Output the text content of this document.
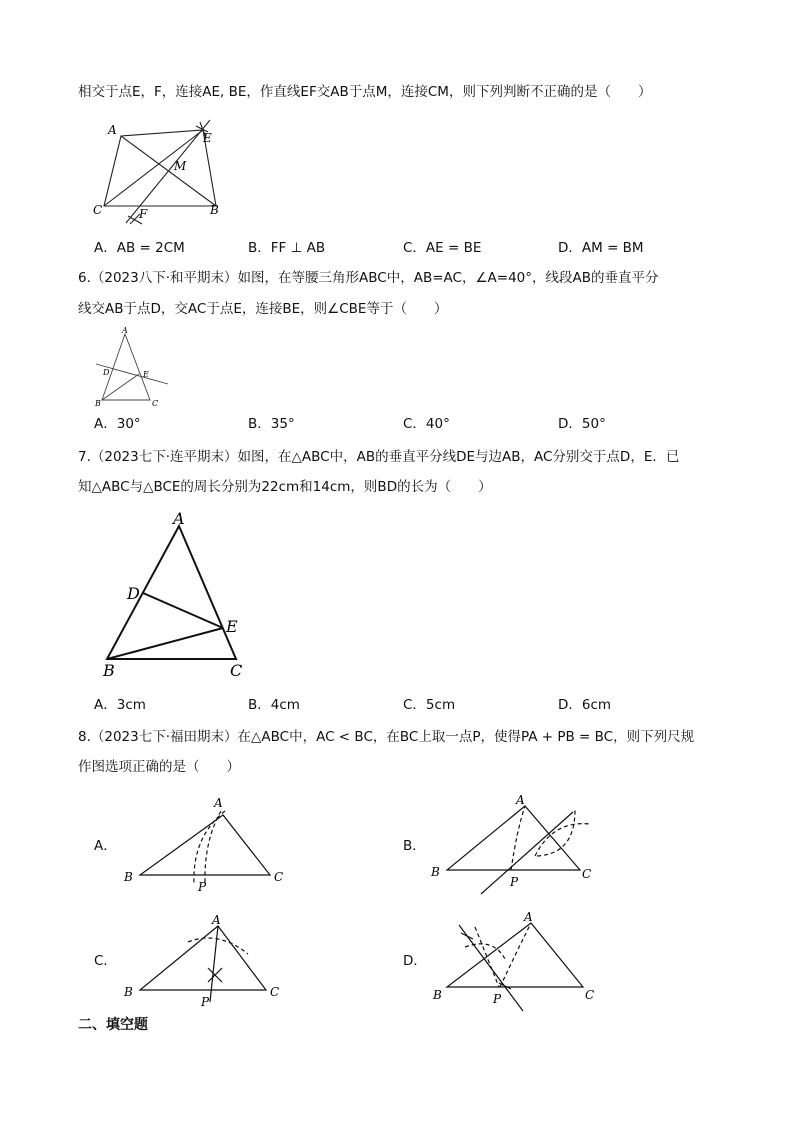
相交于点E，F，连接AE, BE，作直线EF交AB于点M，连接CM，则下列判断不正确的是（　　）
A
E
M
C	F	B
A．AB = 2CM	B．FF ⊥ AB	C．AE = BE	D．AM = BM
6.（2023八下·和平期末）如图，在等腰三角形ABC中，AB=AC，∠A=40°，线段AB的垂直平分
线交AB于点D，交AC于点E，连接BE，则∠CBE等于（　　）
A
D	E
B	C
A．30°	B．35°	C．40°	D．50°
7.（2023七下·连平期末）如图，在△ABC中，AB的垂直平分线DE与边AB，AC分别交于点D，E．已
知△ABC与△BCE的周长分别为22cm和14cm，则BD的长为（　　）
A
D
E
B	C
A．3cm	B．4cm	C．5cm	D．6cm
8.（2023七下·福田期末）在△ABC中，AC < BC，在BC上取一点P，使得PA + PB = BC，则下列尺规
作图选项正确的是（　　）
A．
A
B
P
C
B．
A
B
P
C
C．
A
B
P
C
D．
A
B	P	C
二、填空题
